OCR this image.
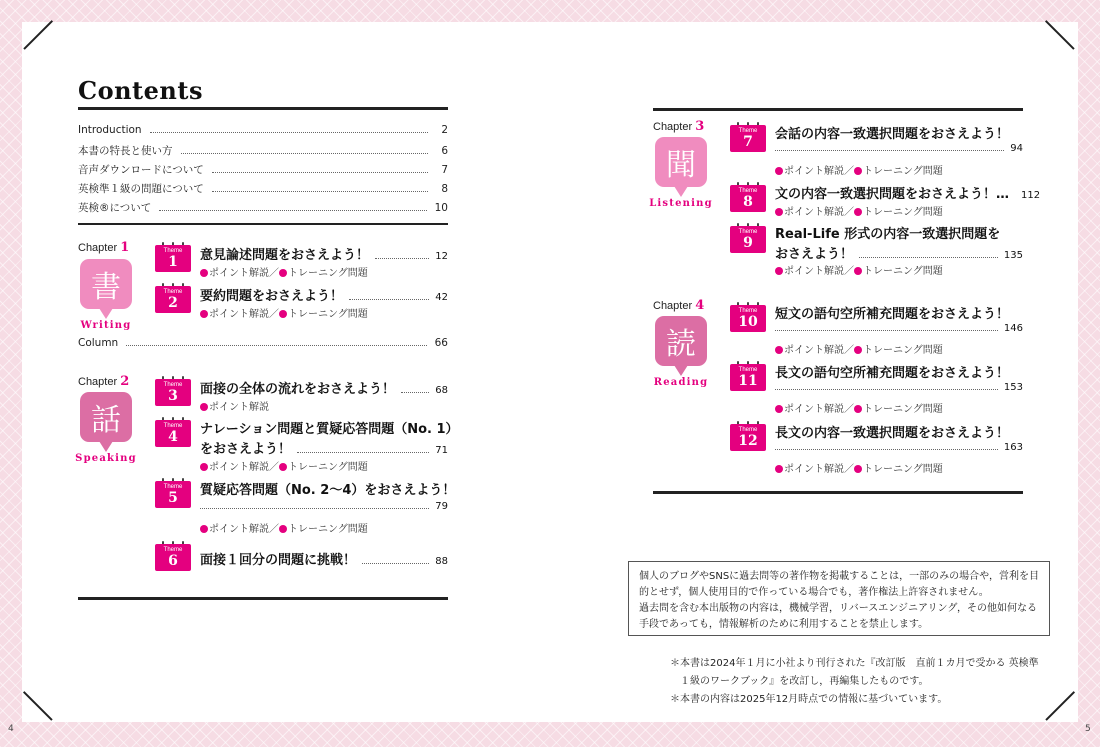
4	5
Contents
Introduction	2
本書の特長と使い方	6
音声ダウンロードについて	7
英検準１級の問題について	8
英検®について	10
Chapter 1
書
Writing
Theme
1	意見論述問題をおさえよう！	12
ポイント解説／ トレーニング問題
Theme
2	要約問題をおさえよう！	42
ポイント解説／ トレーニング問題
Column	66
Chapter 2
話
Speaking
Theme
3	面接の全体の流れをおさえよう！	68
ポイント解説
Theme
4	ナレーション問題と質疑応答問題（No. 1）
をおさえよう！	71
ポイント解説／ トレーニング問題
Theme
5	質疑応答問題（No. 2〜4）をおさえよう！
79
ポイント解説／ トレーニング問題
Theme
6	面接１回分の問題に挑戦！	88
Chapter 3
聞
Listening
Theme
7	会話の内容一致選択問題をおさえよう！
94
ポイント解説／ トレーニング問題
Theme
8	文の内容一致選択問題をおさえよう！…	112
ポイント解説／ トレーニング問題
Theme
9
Real-Life 形式の内容一致選択問題を
おさえよう！	135
ポイント解説／ トレーニング問題
Chapter 4
読
Reading
Theme
10	短文の語句空所補充問題をおさえよう！
146
ポイント解説／ トレーニング問題
Theme
11	長文の語句空所補充問題をおさえよう！
153
ポイント解説／ トレーニング問題
Theme
12	長文の内容一致選択問題をおさえよう！
163
ポイント解説／ トレーニング問題
個人のブログやSNSに過去問等の著作物を掲載することは，一部のみの場合や，営利を目
的とせず，個人使用目的で作っている場合でも，著作権法上許容されません。
過去問を含む本出版物の内容は，機械学習，リバースエンジニアリング，その他如何なる
手段であっても，情報解析のために利用することを禁止します。
＊本書は2024年１月に小社より刊行された『改訂版　直前１カ月で受かる 英検準
１級のワークブック』を改訂し，再編集したものです。
＊本書の内容は2025年12月時点での情報に基づいています。
